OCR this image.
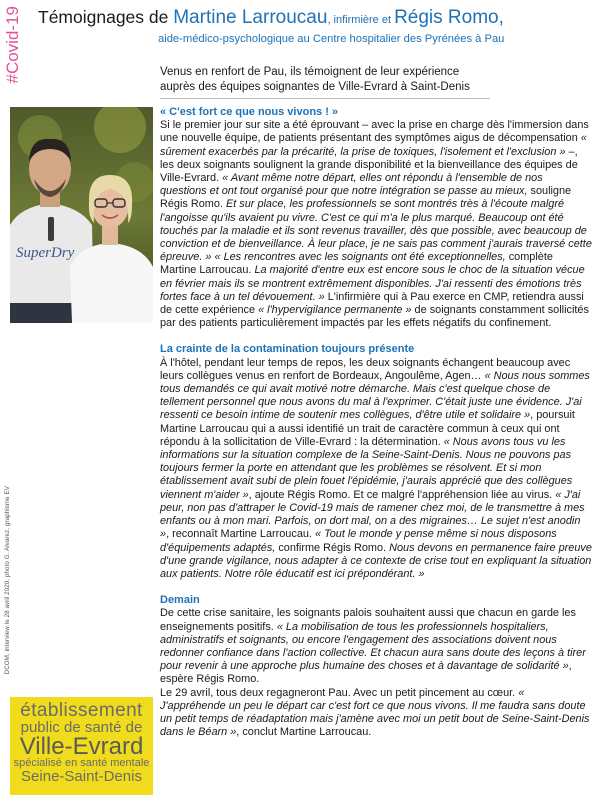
#Covid-19
DCOM, interview le 28 avril 2020, photo G. Alvarez, graphisme EV
Témoignages de Martine Larroucau, infirmière et Régis Romo,
aide-médico-psychologique au Centre hospitalier des Pyrénées à Pau
Venus en renfort de Pau, ils témoignent de leur expérience auprès des équipes soignantes de Ville-Evrard à Saint-Denis
SuperDry
« C'est fort ce que nous vivons ! »

Si le premier jour sur site a été éprouvant – avec la prise en charge dès l'immersion dans une nouvelle équipe, de patients présentant des symptômes aigus de décompensation « sûrement exacerbés par la précarité, la prise de toxiques, l'isolement et l'exclusion » –, les deux soignants soulignent la grande disponibilité et la bienveillance des équipes de Ville-Evrard. « Avant même notre départ, elles ont répondu à l'ensemble de nos questions et ont tout organisé pour que notre intégration se passe au mieux, souligne Régis Romo. Et sur place, les professionnels se sont montrés très à l'écoute malgré l'angoisse qu'ils avaient pu vivre. C'est ce qui m'a le plus marqué. Beaucoup ont été touchés par la maladie et ils sont revenus travailler, dès que possible, avec beaucoup de conviction et de bienveillance. À leur place, je ne sais pas comment j'aurais traversé cette épreuve. » « Les rencontres avec les soignants ont été exceptionnelles, complète Martine Larroucau. La majorité d'entre eux est encore sous le choc de la situation vécue en février mais ils se montrent extrêmement disponibles. J'ai ressenti des émotions très fortes face à un tel dévouement. » L'infirmière qui à Pau exerce en CMP, retiendra aussi de cette expérience « l'hypervigilance permanente » de soignants constamment sollicités par des patients particulièrement impactés par les effets négatifs du confinement.

La crainte de la contamination toujours présente

À l'hôtel, pendant leur temps de repos, les deux soignants échangent beaucoup avec leurs collègues venus en renfort de Bordeaux, Angoulême, Agen… « Nous nous sommes tous demandés ce qui avait motivé notre démarche. Mais c'est quelque chose de tellement personnel que nous avons du mal à l'exprimer. C'était juste une évidence. J'ai ressenti ce besoin intime de soutenir mes collègues, d'être utile et solidaire », poursuit Martine Larroucau qui a aussi identifié un trait de caractère commun à ceux qui ont répondu à la sollicitation de Ville-Evrard : la détermination. « Nous avons tous vu les informations sur la situation complexe de la Seine-Saint-Denis. Nous ne pouvons pas toujours fermer la porte en attendant que les problèmes se résolvent. Et si mon établissement avait subi de plein fouet l'épidémie, j'aurais apprécié que des collègues viennent m'aider », ajoute Régis Romo. Et ce malgré l'appréhension liée au virus. « J'ai peur, non pas d'attraper le Covid-19 mais de ramener chez moi, de le transmettre à mes enfants ou à mon mari. Parfois, on dort mal, on a des migraines… Le sujet n'est anodin », reconnaît Martine Larroucau. « Tout le monde y pense même si nous disposons d'équipements adaptés, confirme Régis Romo. Nous devons en permanence faire preuve d'une grande vigilance, nous adapter à ce contexte de crise tout en expliquant la situation aux patients. Notre rôle éducatif est ici prépondérant. »

Demain

De cette crise sanitaire, les soignants palois souhaitent aussi que chacun en garde les enseignements positifs. « La mobilisation de tous les professionnels hospitaliers, administratifs et soignants, ou encore l'engagement des associations doivent nous redonner confiance dans l'action collective. Et chacun aura sans doute des leçons à tirer pour revenir à une approche plus humaine des choses et à davantage de solidarité », espère Régis Romo.
Le 29 avril, tous deux regagneront Pau. Avec un petit pincement au cœur. « J'appréhende un peu le départ car c'est fort ce que nous vivons. Il me faudra sans doute un petit temps de réadaptation mais j'amène avec moi un petit bout de Seine-Saint-Denis dans le Béarn », conclut Martine Larroucau.

établissement
public de santé de
Ville-Evrard
spécialisé en santé mentale
Seine-Saint-Denis
